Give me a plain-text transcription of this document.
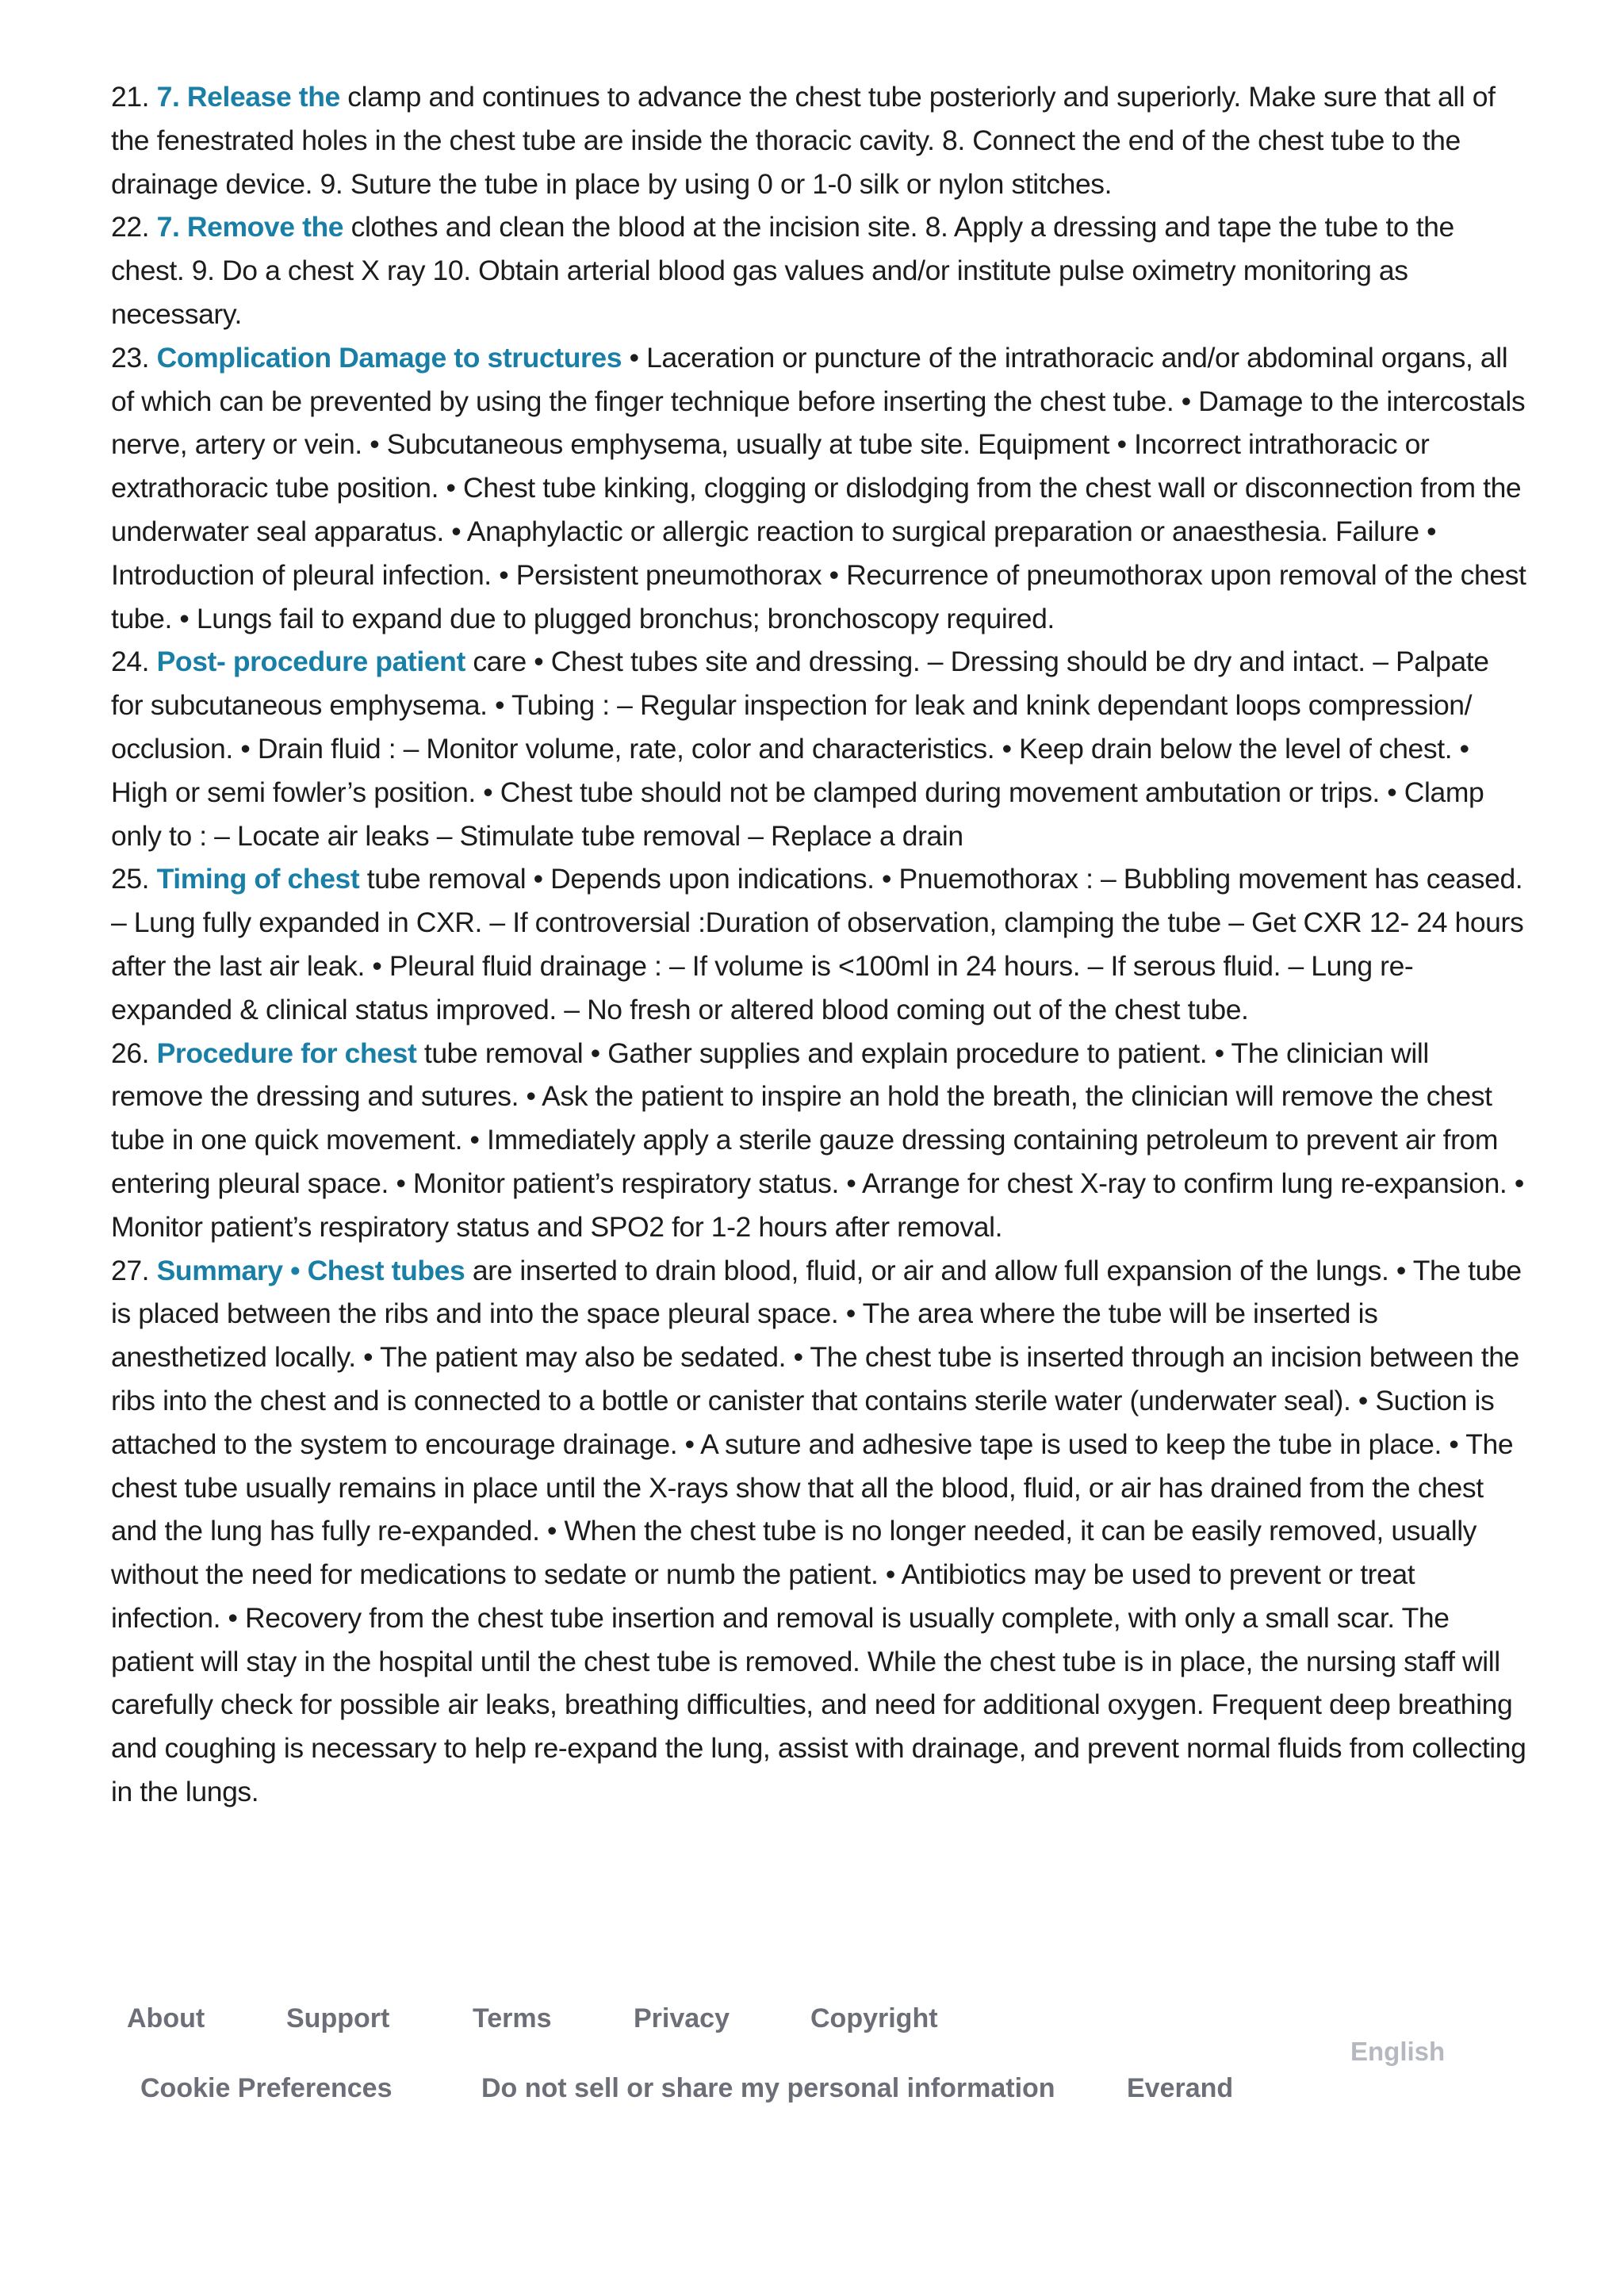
21. 7. Release the clamp and continues to advance the chest tube posteriorly and superiorly. Make sure that all of the fenestrated holes in the chest tube are inside the thoracic cavity. 8. Connect the end of the chest tube to the drainage device. 9. Suture the tube in place by using 0 or 1-0 silk or nylon stitches.

22. 7. Remove the clothes and clean the blood at the incision site. 8. Apply a dressing and tape the tube to the chest. 9. Do a chest X ray 10. Obtain arterial blood gas values and/or institute pulse oximetry monitoring as necessary.

23. Complication Damage to structures • Laceration or puncture of the intrathoracic and/or abdominal organs, all of which can be prevented by using the finger technique before inserting the chest tube. • Damage to the intercostals nerve, artery or vein. • Subcutaneous emphysema, usually at tube site. Equipment • Incorrect intrathoracic or extrathoracic tube position. • Chest tube kinking, clogging or dislodging from the chest wall or disconnection from the underwater seal apparatus. • Anaphylactic or allergic reaction to surgical preparation or anaesthesia. Failure • Introduction of pleural infection. • Persistent pneumothorax • Recurrence of pneumothorax upon removal of the chest tube. • Lungs fail to expand due to plugged bronchus; bronchoscopy required.

24. Post- procedure patient care • Chest tubes site and dressing. – Dressing should be dry and intact. – Palpate for subcutaneous emphysema. • Tubing : – Regular inspection for leak and knink dependant loops compression/ occlusion. • Drain fluid : – Monitor volume, rate, color and characteristics. • Keep drain below the level of chest. • High or semi fowler’s position. • Chest tube should not be clamped during movement ambutation or trips. • Clamp only to : – Locate air leaks – Stimulate tube removal – Replace a drain

25. Timing of chest tube removal • Depends upon indications. • Pnuemothorax : – Bubbling movement has ceased. – Lung fully expanded in CXR. – If controversial :Duration of observation, clamping the tube – Get CXR 12- 24 hours after the last air leak. • Pleural fluid drainage : – If volume is <100ml in 24 hours. – If serous fluid. – Lung re-expanded & clinical status improved. – No fresh or altered blood coming out of the chest tube.

26. Procedure for chest tube removal • Gather supplies and explain procedure to patient. • The clinician will remove the dressing and sutures. • Ask the patient to inspire an hold the breath, the clinician will remove the chest tube in one quick movement. • Immediately apply a sterile gauze dressing containing petroleum to prevent air from entering pleural space. • Monitor patient’s respiratory status. • Arrange for chest X-ray to confirm lung re-expansion. • Monitor patient’s respiratory status and SPO2 for 1-2 hours after removal.

27. Summary • Chest tubes are inserted to drain blood, fluid, or air and allow full expansion of the lungs. • The tube is placed between the ribs and into the space pleural space. • The area where the tube will be inserted is anesthetized locally. • The patient may also be sedated. • The chest tube is inserted through an incision between the ribs into the chest and is connected to a bottle or canister that contains sterile water (underwater seal). • Suction is attached to the system to encourage drainage. • A suture and adhesive tape is used to keep the tube in place. • The chest tube usually remains in place until the X-rays show that all the blood, fluid, or air has drained from the chest and the lung has fully re-expanded. • When the chest tube is no longer needed, it can be easily removed, usually without the need for medications to sedate or numb the patient. • Antibiotics may be used to prevent or treat infection. • Recovery from the chest tube insertion and removal is usually complete, with only a small scar. The patient will stay in the hospital until the chest tube is removed. While the chest tube is in place, the nursing staff will carefully check for possible air leaks, breathing difficulties, and need for additional oxygen. Frequent deep breathing and coughing is necessary to help re-expand the lung, assist with drainage, and prevent normal fluids from collecting in the lungs.

About	Support	Terms	Privacy	Copyright
Cookie Preferences	Do not sell or share my personal information	Everand
English
